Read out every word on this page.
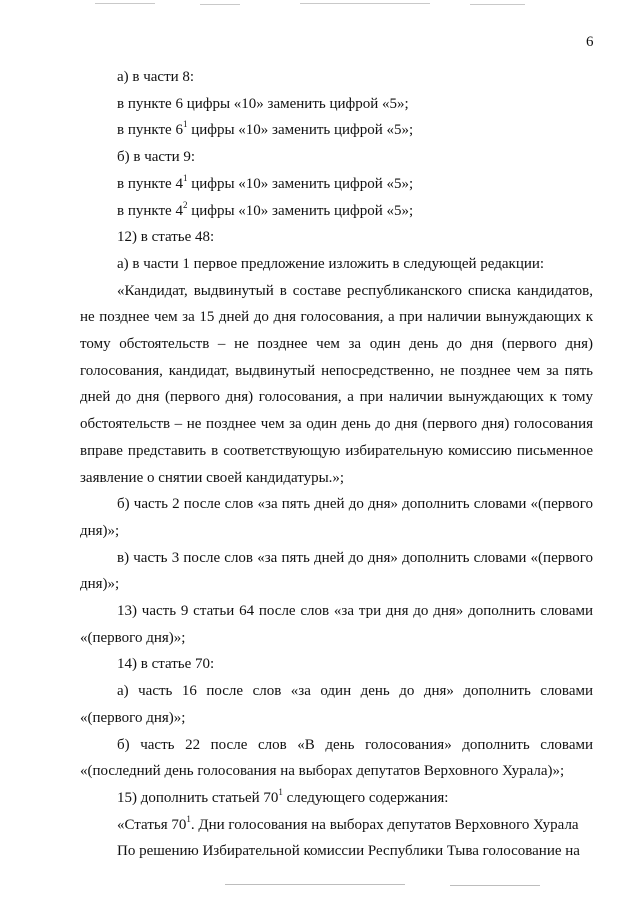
6
а) в части 8:
в пункте 6 цифры «10» заменить цифрой «5»;
в пункте $6^1$ цифры «10» заменить цифрой «5»;
б) в части 9:
в пункте $4^1$ цифры «10» заменить цифрой «5»;
в пункте $4^2$ цифры «10» заменить цифрой «5»;
12) в статье 48:
а) в части 1 первое предложение изложить в следующей редакции:
«Кандидат, выдвинутый в составе республиканского списка кандидатов, не позднее чем за 15 дней до дня голосования, а при наличии вынуждающих к тому обстоятельств – не позднее чем за один день до дня (первого дня) голосования, кандидат, выдвинутый непосредственно, не позднее чем за пять дней до дня (первого дня) голосования, а при наличии вынуждающих к тому обстоятельств – не позднее чем за один день до дня (первого дня) голосования вправе представить в соответствующую избирательную комиссию письменное заявление о снятии своей кандидатуры.»;
б) часть 2 после слов «за пять дней до дня» дополнить словами «(первого дня)»;
в) часть 3 после слов «за пять дней до дня» дополнить словами «(первого дня)»;
13) часть 9 статьи 64 после слов «за три дня до дня» дополнить словами «(первого дня)»;
14) в статье 70:
а) часть 16 после слов «за один день до дня» дополнить словами «(первого дня)»;
б) часть 22 после слов «В день голосования» дополнить словами «(последний день голосования на выборах депутатов Верховного Хурала)»;
15) дополнить статьей $70^1$ следующего содержания:
«Статья $70^1$. Дни голосования на выборах депутатов Верховного Хурала
По решению Избирательной комиссии Республики Тыва голосование на
